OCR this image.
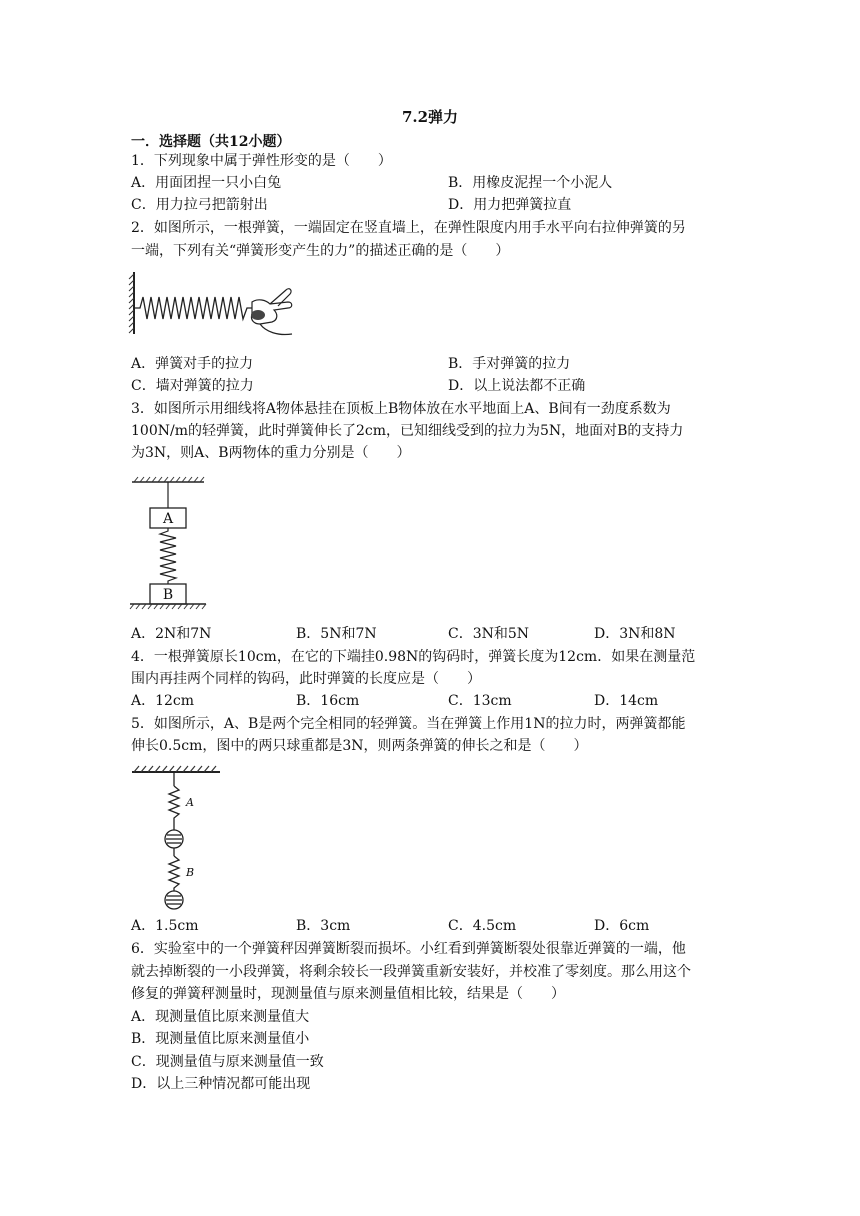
7.2弹力
一．选择题（共12小题）
1．下列现象中属于弹性形变的是（　　）
A．用面团捏一只小白兔	B．用橡皮泥捏一个小泥人
C．用力拉弓把箭射出	D．用力把弹簧拉直
2．如图所示，一根弹簧，一端固定在竖直墙上，在弹性限度内用手水平向右拉伸弹簧的另
一端，下列有关“弹簧形变产生的力”的描述正确的是（　　）
A．弹簧对手的拉力	B．手对弹簧的拉力
C．墙对弹簧的拉力	D．以上说法都不正确
3．如图所示用细线将A物体悬挂在顶板上B物体放在水平地面上A、B间有一劲度系数为
100N/m的轻弹簧，此时弹簧伸长了2cm，已知细线受到的拉力为5N，地面对B的支持力
为3N，则A、B两物体的重力分别是（　　）
A
B
A．2N和7N	B．5N和7N	C．3N和5N	D．3N和8N
4．一根弹簧原长10cm，在它的下端挂0.98N的钩码时，弹簧长度为12cm．如果在测量范
围内再挂两个同样的钩码，此时弹簧的长度应是（　　）
A．12cm	B．16cm	C．13cm	D．14cm
5．如图所示，A、B是两个完全相同的轻弹簧。当在弹簧上作用1N的拉力时，两弹簧都能
伸长0.5cm，图中的两只球重都是3N，则两条弹簧的伸长之和是（　　）
A
B
A．1.5cm	B．3cm	C．4.5cm	D．6cm
6．实验室中的一个弹簧秤因弹簧断裂而损坏。小红看到弹簧断裂处很靠近弹簧的一端，他
就去掉断裂的一小段弹簧，将剩余较长一段弹簧重新安装好，并校准了零刻度。那么用这个
修复的弹簧秤测量时，现测量值与原来测量值相比较，结果是（　　）
A．现测量值比原来测量值大
B．现测量值比原来测量值小
C．现测量值与原来测量值一致
D．以上三种情况都可能出现
